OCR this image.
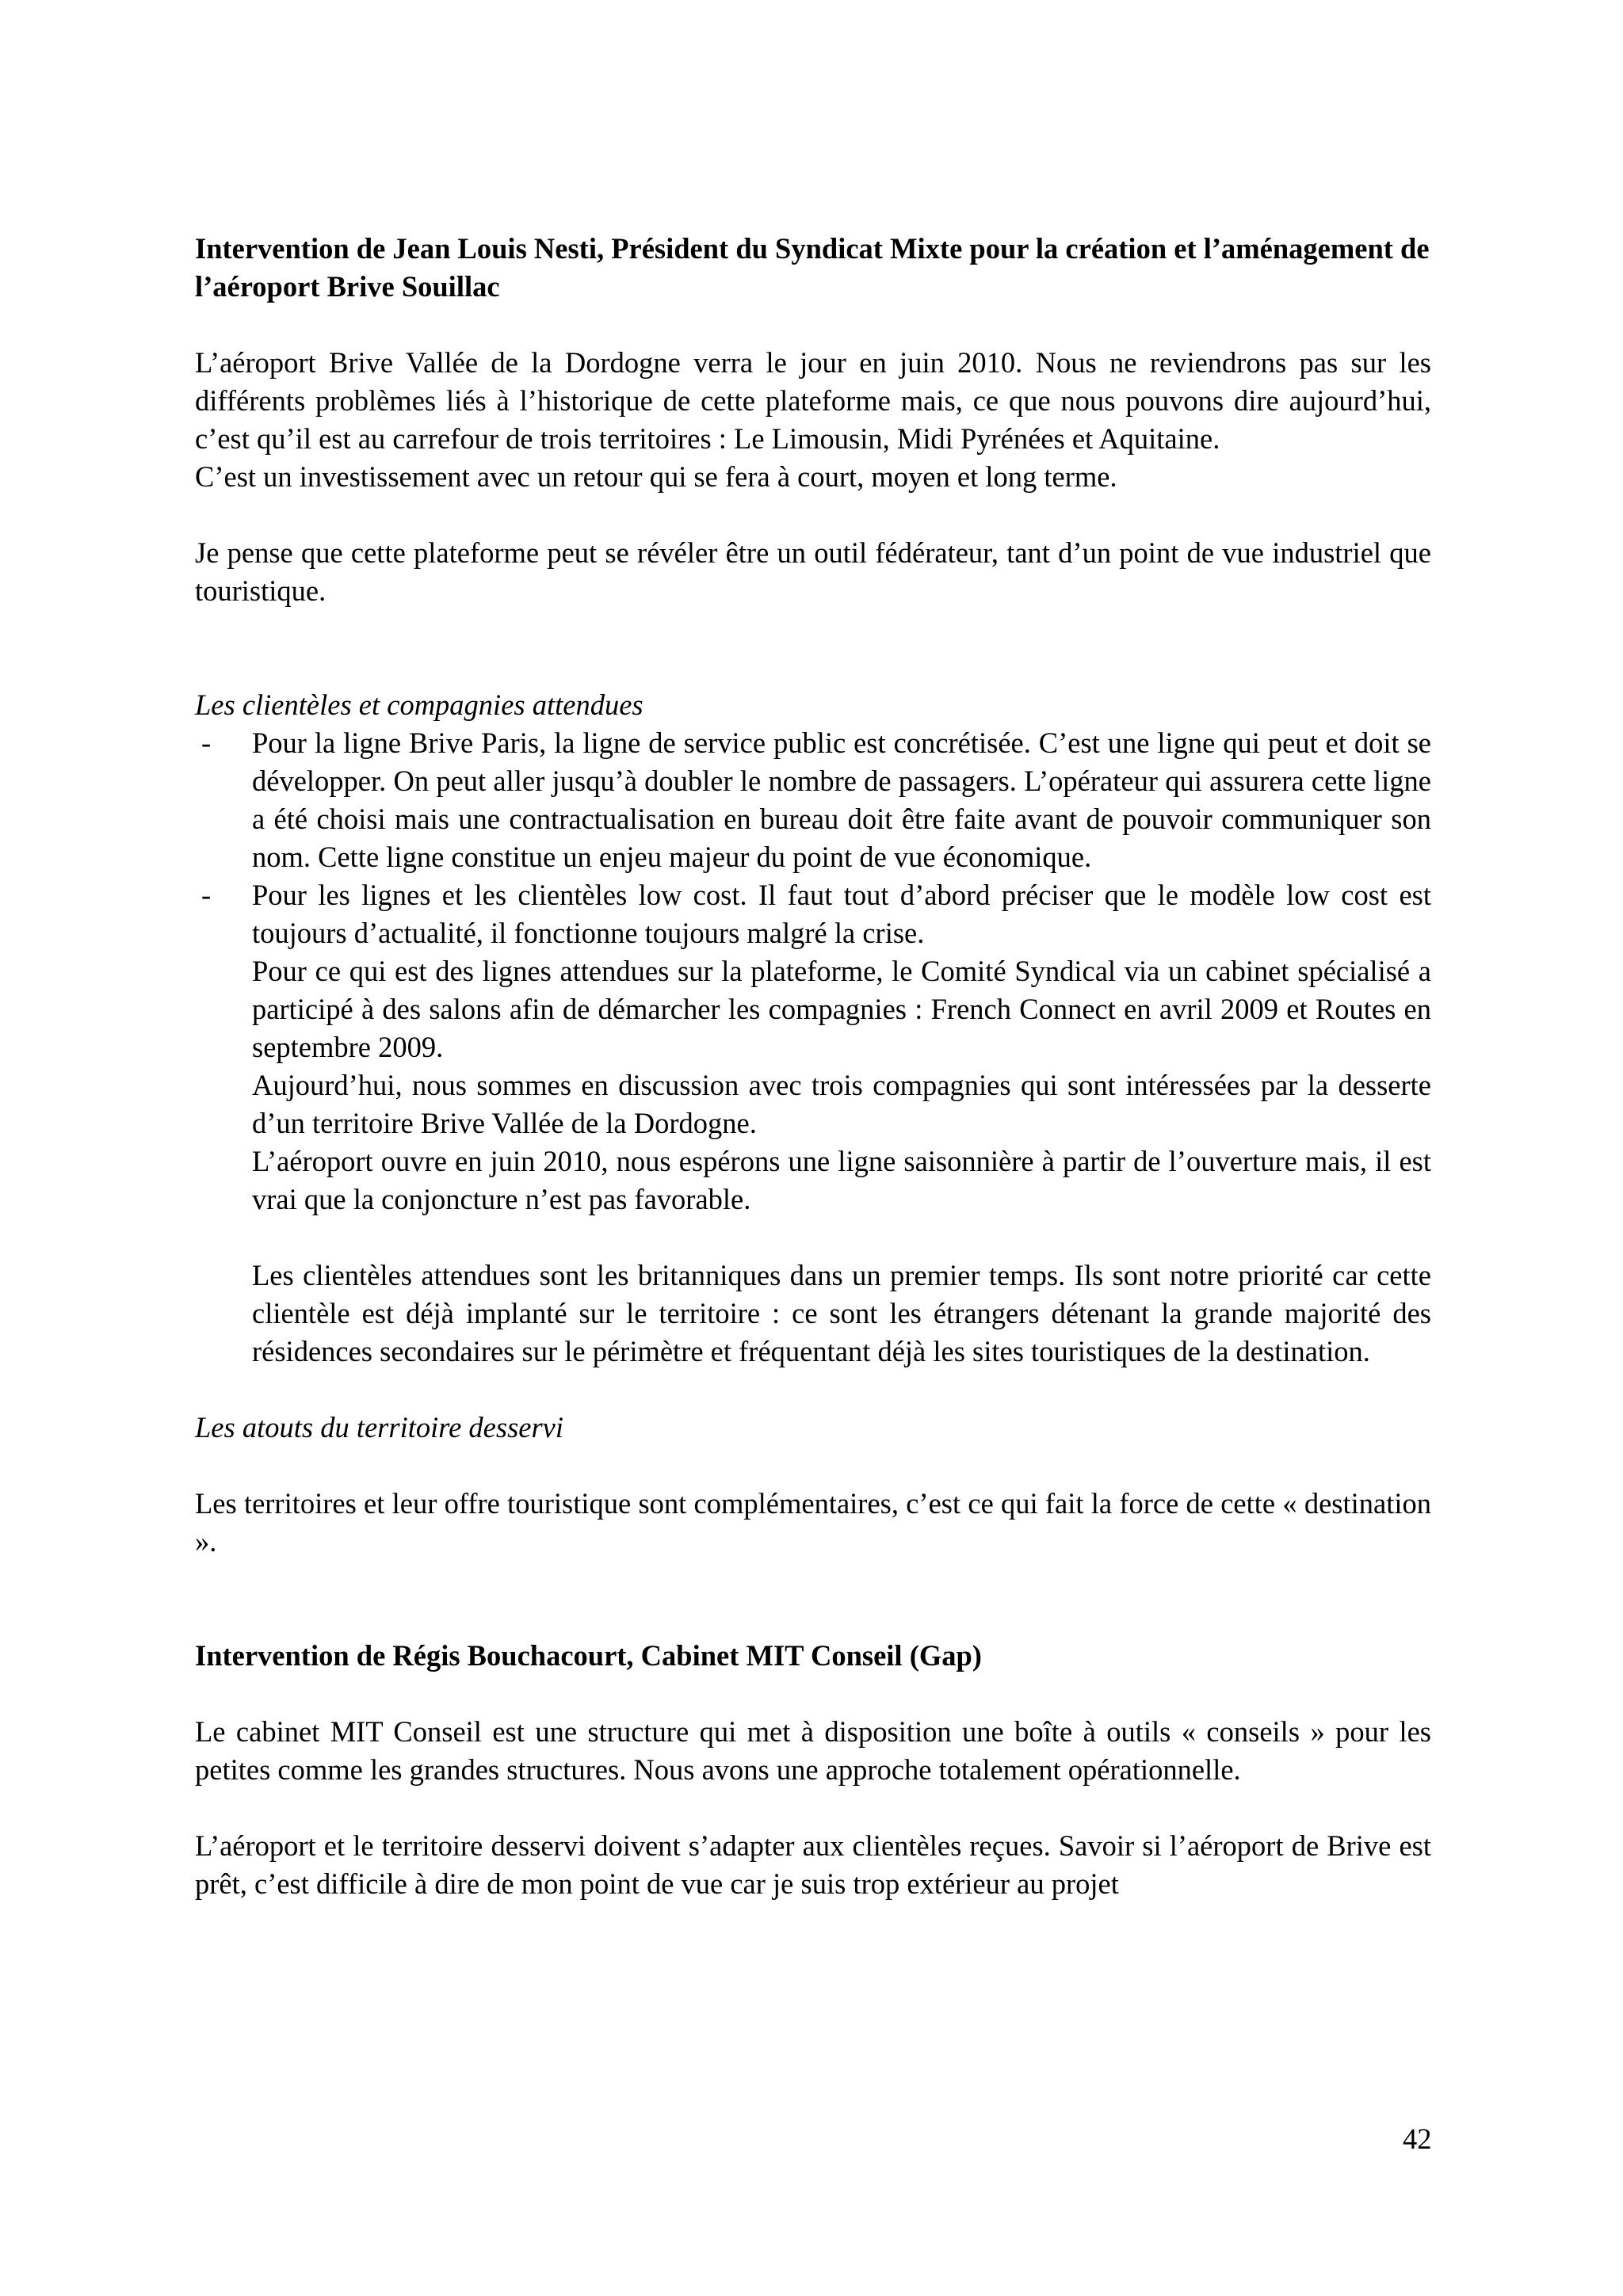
Intervention de Jean Louis Nesti, Président du Syndicat Mixte pour la création et l’aménagement de l’aéroport Brive Souillac

L’aéroport Brive Vallée de la Dordogne verra le jour en juin 2010. Nous ne reviendrons pas sur les différents problèmes liés à l’historique de cette plateforme mais, ce que nous pouvons dire aujourd’hui, c’est qu’il est au carrefour de trois territoires : Le Limousin, Midi Pyrénées et Aquitaine.

C’est un investissement avec un retour qui se fera à court, moyen et long terme.

Je pense que cette plateforme peut se révéler être un outil fédérateur, tant d’un point de vue industriel que touristique.

Les clientèles et compagnies attendues

- Pour la ligne Brive Paris, la ligne de service public est concrétisée. C’est une ligne qui peut et doit se développer. On peut aller jusqu’à doubler le nombre de passagers. L’opérateur qui assurera cette ligne a été choisi mais une contractualisation en bureau doit être faite avant de pouvoir communiquer son nom. Cette ligne constitue un enjeu majeur du point de vue économique.

- Pour les lignes et les clientèles low cost. Il faut tout d’abord préciser que le modèle low cost est toujours d’actualité, il fonctionne toujours malgré la crise.

Pour ce qui est des lignes attendues sur la plateforme, le Comité Syndical via un cabinet spécialisé a participé à des salons afin de démarcher les compagnies : French Connect en avril 2009 et Routes en septembre 2009.

Aujourd’hui, nous sommes en discussion avec trois compagnies qui sont intéressées par la desserte d’un territoire Brive Vallée de la Dordogne.

L’aéroport ouvre en juin 2010, nous espérons une ligne saisonnière à partir de l’ouverture mais, il est vrai que la conjoncture n’est pas favorable.

Les clientèles attendues sont les britanniques dans un premier temps. Ils sont notre priorité car cette clientèle est déjà implanté sur le territoire : ce sont les étrangers détenant la grande majorité des résidences secondaires sur le périmètre et fréquentant déjà les sites touristiques de la destination.

Les atouts du territoire desservi

Les territoires et leur offre touristique sont complémentaires, c’est ce qui fait la force de cette « destination ».

Intervention de Régis Bouchacourt, Cabinet MIT Conseil (Gap)

Le cabinet MIT Conseil est une structure qui met à disposition une boîte à outils « conseils » pour les petites comme les grandes structures. Nous avons une approche totalement opérationnelle.

L’aéroport et le territoire desservi doivent s’adapter aux clientèles reçues. Savoir si l’aéroport de Brive est prêt, c’est difficile à dire de mon point de vue car je suis trop extérieur au projet

42
